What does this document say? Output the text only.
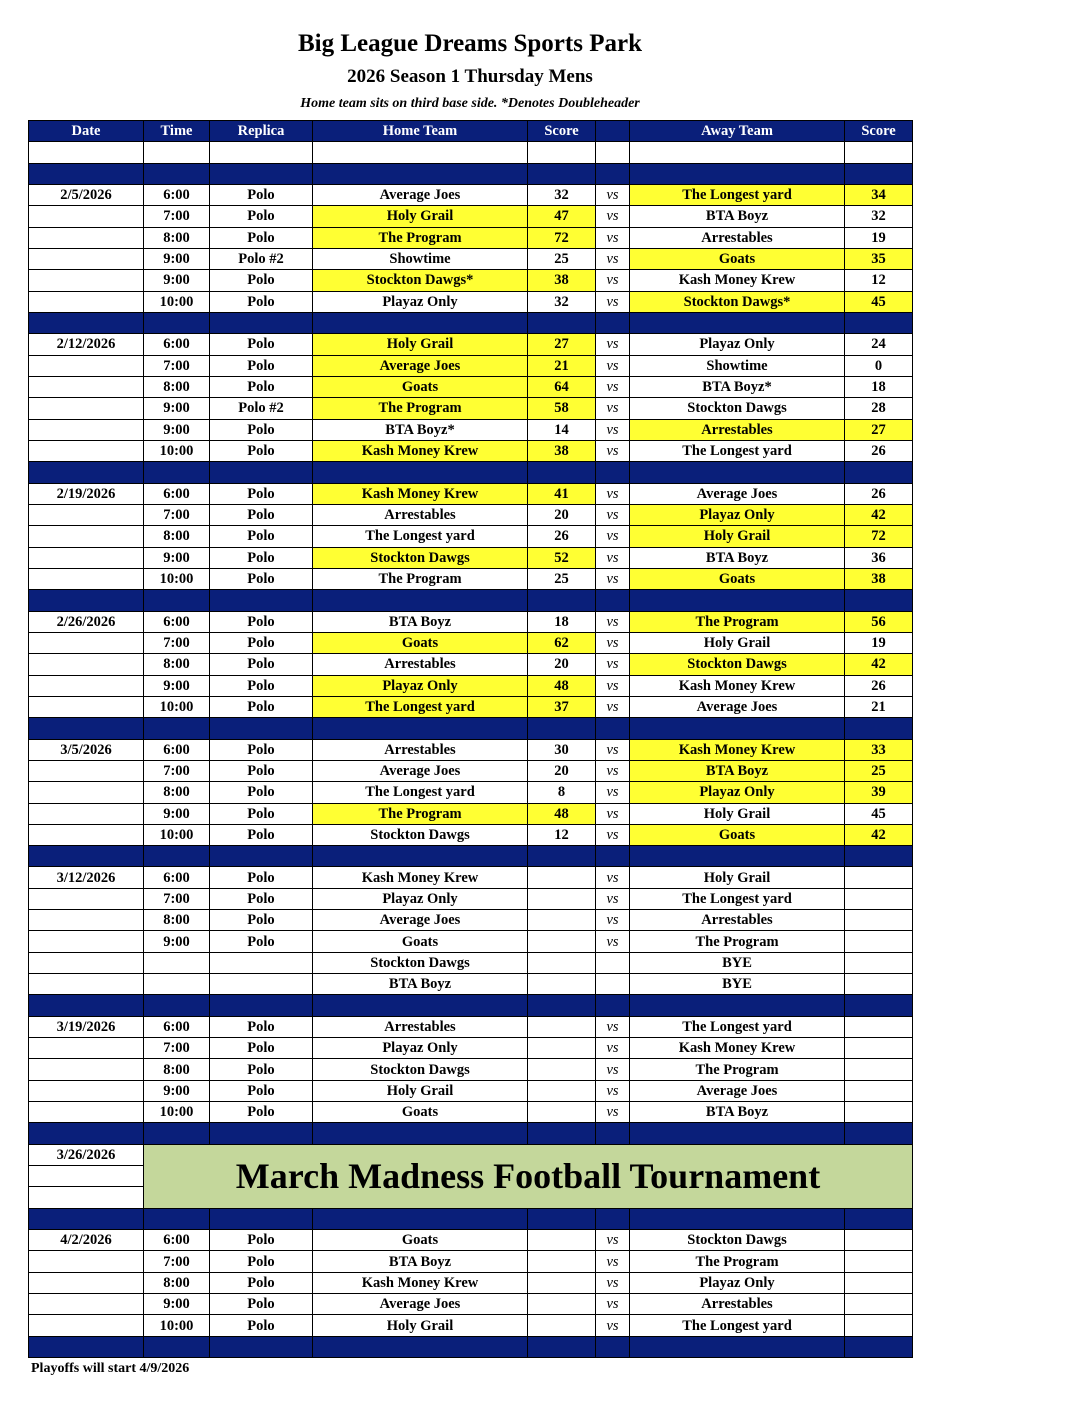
Big League Dreams Sports Park
2026 Season 1 Thursday Mens
Home team sits on third base side. *Denotes Doubleheader
Date	Time	Replica	Home Team	Score		Away Team	Score

2/5/2026	6:00	Polo	Average Joes	32	vs	The Longest yard	34
	7:00	Polo	Holy Grail	47	vs	BTA Boyz	32
	8:00	Polo	The Program	72	vs	Arrestables	19
	9:00	Polo #2	Showtime	25	vs	Goats	35
	9:00	Polo	Stockton Dawgs*	38	vs	Kash Money Krew	12
	10:00	Polo	Playaz Only	32	vs	Stockton Dawgs*	45

2/12/2026	6:00	Polo	Holy Grail	27	vs	Playaz Only	24
	7:00	Polo	Average Joes	21	vs	Showtime	0
	8:00	Polo	Goats	64	vs	BTA Boyz*	18
	9:00	Polo #2	The Program	58	vs	Stockton Dawgs	28
	9:00	Polo	BTA Boyz*	14	vs	Arrestables	27
	10:00	Polo	Kash Money Krew	38	vs	The Longest yard	26

2/19/2026	6:00	Polo	Kash Money Krew	41	vs	Average Joes	26
	7:00	Polo	Arrestables	20	vs	Playaz Only	42
	8:00	Polo	The Longest yard	26	vs	Holy Grail	72
	9:00	Polo	Stockton Dawgs	52	vs	BTA Boyz	36
	10:00	Polo	The Program	25	vs	Goats	38

2/26/2026	6:00	Polo	BTA Boyz	18	vs	The Program	56
	7:00	Polo	Goats	62	vs	Holy Grail	19
	8:00	Polo	Arrestables	20	vs	Stockton Dawgs	42
	9:00	Polo	Playaz Only	48	vs	Kash Money Krew	26
	10:00	Polo	The Longest yard	37	vs	Average Joes	21

3/5/2026	6:00	Polo	Arrestables	30	vs	Kash Money Krew	33
	7:00	Polo	Average Joes	20	vs	BTA Boyz	25
	8:00	Polo	The Longest yard	8	vs	Playaz Only	39
	9:00	Polo	The Program	48	vs	Holy Grail	45
	10:00	Polo	Stockton Dawgs	12	vs	Goats	42

3/12/2026	6:00	Polo	Kash Money Krew		vs	Holy Grail	
	7:00	Polo	Playaz Only		vs	The Longest yard	
	8:00	Polo	Average Joes		vs	Arrestables	
	9:00	Polo	Goats		vs	The Program	
			Stockton Dawgs			BYE	
			BTA Boyz			BYE	

3/19/2026	6:00	Polo	Arrestables		vs	The Longest yard	
	7:00	Polo	Playaz Only		vs	Kash Money Krew	
	8:00	Polo	Stockton Dawgs		vs	The Program	
	9:00	Polo	Holy Grail		vs	Average Joes	
	10:00	Polo	Goats		vs	BTA Boyz	

3/26/2026	March Madness Football Tournament						

4/2/2026	6:00	Polo	Goats		vs	Stockton Dawgs	
	7:00	Polo	BTA Boyz		vs	The Program	
	8:00	Polo	Kash Money Krew		vs	Playaz Only	
	9:00	Polo	Average Joes		vs	Arrestables	
	10:00	Polo	Holy Grail		vs	The Longest yard	

Playoffs will start 4/9/2026
